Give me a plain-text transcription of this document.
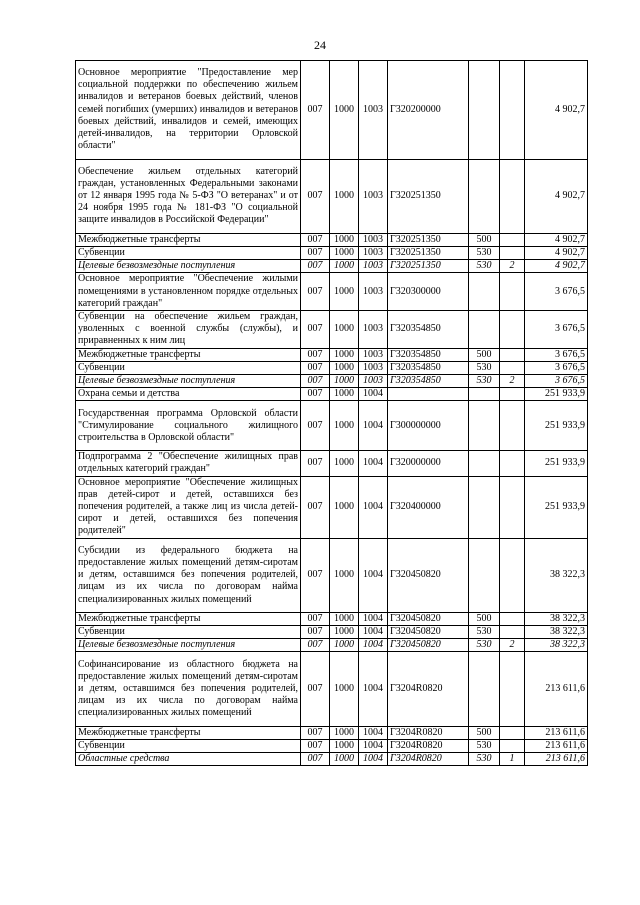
24
Основное мероприятие "Предоставление мер социальной поддержки по обеспечению жильем инвалидов и ветеранов боевых действий, членов семей погибших (умерших) инвалидов и ветеранов боевых действий, инвалидов и семей, имеющих детей-инвалидов, на территории Орловской области"	007	1000	1003	Г320200000			4 902,7
Обеспечение жильем отдельных категорий граждан, установленных Федеральными законами от 12 января 1995 года № 5-ФЗ "О ветеранах" и от 24 ноября 1995 года № 181-ФЗ "О социальной защите инвалидов в Российской Федерации"	007	1000	1003	Г320251350			4 902,7
Межбюджетные трансферты	007	1000	1003	Г320251350	500		4 902,7
Субвенции	007	1000	1003	Г320251350	530		4 902,7
Целевые безвозмездные поступления	007	1000	1003	Г320251350	530	2	4 902,7
Основное мероприятие "Обеспечение жилыми помещениями в установленном порядке отдельных категорий граждан"	007	1000	1003	Г320300000			3 676,5
Субвенции на обеспечение жильем граждан, уволенных с военной службы (службы), и приравненных к ним лиц	007	1000	1003	Г320354850			3 676,5
Межбюджетные трансферты	007	1000	1003	Г320354850	500		3 676,5
Субвенции	007	1000	1003	Г320354850	530		3 676,5
Целевые безвозмездные поступления	007	1000	1003	Г320354850	530	2	3 676,5
Охрана семьи и детства	007	1000	1004				251 933,9
Государственная программа Орловской области "Стимулирование социального жилищного строительства в Орловской области"	007	1000	1004	Г300000000			251 933,9
Подпрограмма 2 "Обеспечение жилищных прав отдельных категорий граждан"	007	1000	1004	Г320000000			251 933,9
Основное мероприятие "Обеспечение жилищных прав детей-сирот и детей, оставшихся без попечения родителей, а также лиц из числа детей-сирот и детей, оставшихся без попечения родителей"	007	1000	1004	Г320400000			251 933,9
Субсидии из федерального бюджета на предоставление жилых помещений детям-сиротам и детям, оставшимся без попечения родителей, лицам из их числа по договорам найма специализированных жилых помещений	007	1000	1004	Г320450820			38 322,3
Межбюджетные трансферты	007	1000	1004	Г320450820	500		38 322,3
Субвенции	007	1000	1004	Г320450820	530		38 322,3
Целевые безвозмездные поступления	007	1000	1004	Г320450820	530	2	38 322,3
Софинансирование из областного бюджета на предоставление жилых помещений детям-сиротам и детям, оставшимся без попечения родителей, лицам из их числа по договорам найма специализированных жилых помещений	007	1000	1004	Г3204R0820			213 611,6
Межбюджетные трансферты	007	1000	1004	Г3204R0820	500		213 611,6
Субвенции	007	1000	1004	Г3204R0820	530		213 611,6
Областные средства	007	1000	1004	Г3204R0820	530	1	213 611,6
